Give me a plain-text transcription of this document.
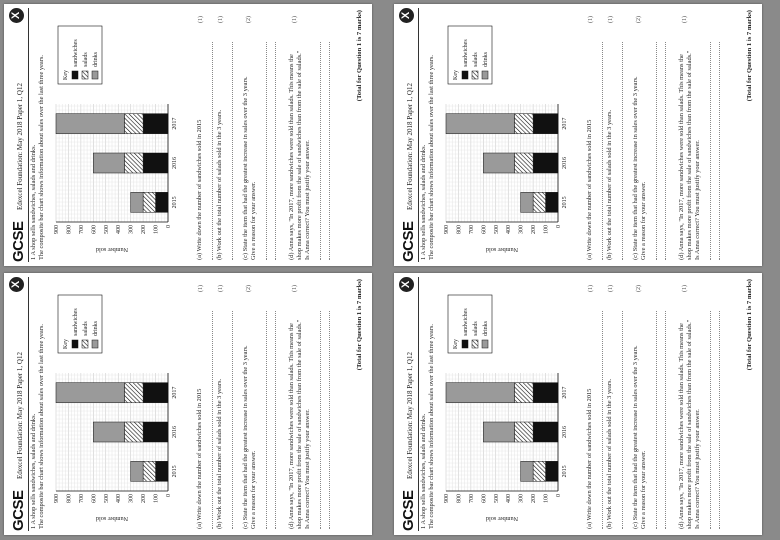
GCSE
Edexcel Foundation: May 2018 Paper 1, Q12
X
1 A shop sells sandwiches, salads and drinks. The composite bar chart shows information about sales over the last three years.	0
100
200
300
400
500
600
700
800
900
Number sold
2015
2016
2017
Key
sandwiches salads drinks
(a) Write down the number of sandwiches sold in 2015
(1)
(b) Work out the total number of salads sold in the 3 years.
(1)
(c) State the item that had the greatest increase in sales over the 3 years. Give a reason for your answer.
(2)
(d) Anna says, "In 2017, more sandwiches were sold than salads. This means the shop makes more profit from the sale of sandwiches than from the sale of salads." Is Anna correct? You must justify your answer.
(1)	(Total for Question 1 is 7 marks)
GCSE
Edexcel Foundation: May 2018 Paper 1, Q12
X
1 A shop sells sandwiches, salads and drinks. The composite bar chart shows information about sales over the last three years.	0
100
200
300
400
500
600
700
800
900
Number sold
2015
2016
2017
Key
sandwiches salads drinks
(a) Write down the number of sandwiches sold in 2015
(1)
(b) Work out the total number of salads sold in the 3 years.
(1)
(c) State the item that had the greatest increase in sales over the 3 years. Give a reason for your answer.
(2)
(d) Anna says, "In 2017, more sandwiches were sold than salads. This means the shop makes more profit from the sale of sandwiches than from the sale of salads." Is Anna correct? You must justify your answer.
(1)	(Total for Question 1 is 7 marks)
GCSE
Edexcel Foundation: May 2018 Paper 1, Q12
X
1 A shop sells sandwiches, salads and drinks. The composite bar chart shows information about sales over the last three years.	0
100
200
300
400
500
600
700
800
900
Number sold
2015
2016
2017
Key
sandwiches salads drinks
(a) Write down the number of sandwiches sold in 2015
(1)
(b) Work out the total number of salads sold in the 3 years.
(1)
(c) State the item that had the greatest increase in sales over the 3 years. Give a reason for your answer.
(2)
(d) Anna says, "In 2017, more sandwiches were sold than salads. This means the shop makes more profit from the sale of sandwiches than from the sale of salads." Is Anna correct? You must justify your answer.
(1)	(Total for Question 1 is 7 marks)
GCSE
Edexcel Foundation: May 2018 Paper 1, Q12
X
1 A shop sells sandwiches, salads and drinks. The composite bar chart shows information about sales over the last three years.	0
100
200
300
400
500
600
700
800
900
Number sold
2015
2016
2017
Key
sandwiches salads drinks
(a) Write down the number of sandwiches sold in 2015
(1)
(b) Work out the total number of salads sold in the 3 years.
(1)
(c) State the item that had the greatest increase in sales over the 3 years. Give a reason for your answer.
(2)
(d) Anna says, "In 2017, more sandwiches were sold than salads. This means the shop makes more profit from the sale of sandwiches than from the sale of salads." Is Anna correct? You must justify your answer.
(1)	(Total for Question 1 is 7 marks)
